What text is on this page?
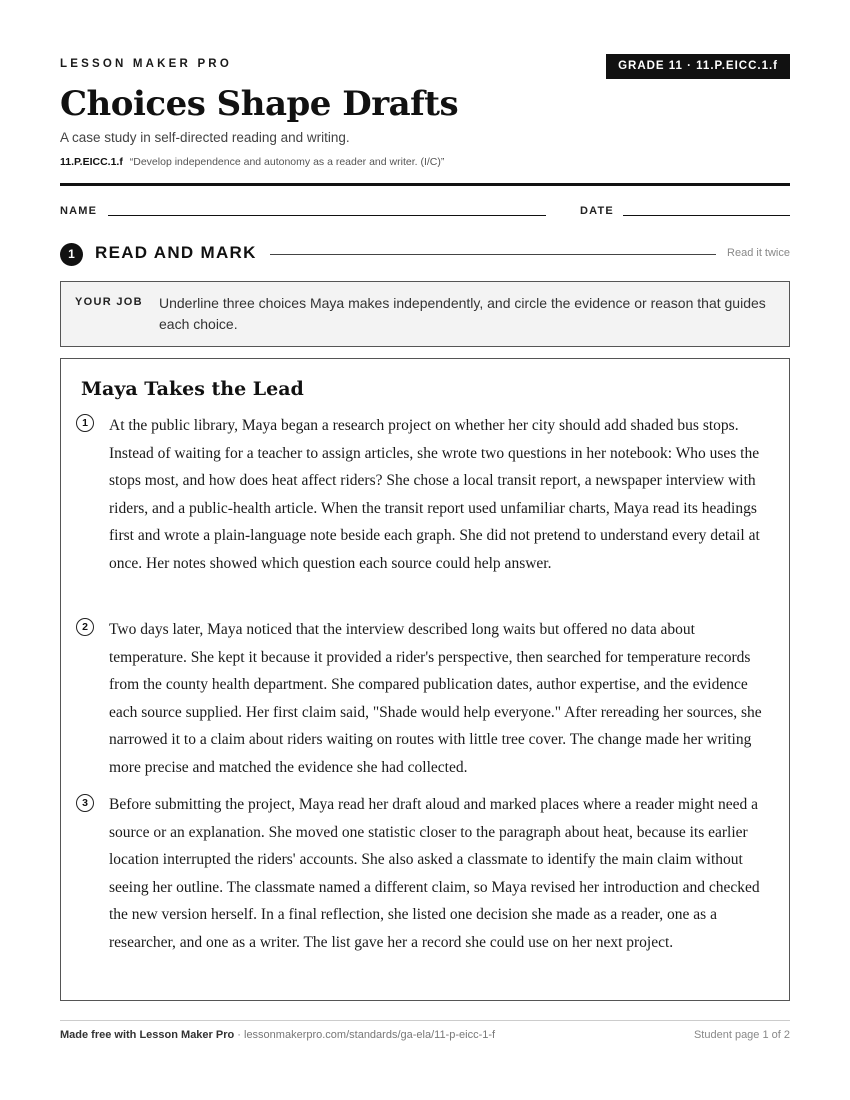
LESSON MAKER PRO	GRADE 11 · 11.P.EICC.1.f
Choices Shape Drafts
A case study in self-directed reading and writing.
11.P.EICC.1.f “Develop independence and autonomy as a reader and writer. (I/C)”
NAME	DATE
1	READ AND MARK	Read it twice
YOUR JOB Underline three choices Maya makes independently, and circle the evidence or reason that guides each choice.
Maya Takes the Lead
1	At the public library, Maya began a research project on whether her city should add shaded bus stops. Instead of waiting for a teacher to assign articles, she wrote two questions in her notebook: Who uses the stops most, and how does heat affect riders? She chose a local transit report, a newspaper interview with riders, and a public-health article. When the transit report used unfamiliar charts, Maya read its headings first and wrote a plain-language note beside each graph. She did not pretend to understand every detail at once. Her notes showed which question each source could help answer.
2	Two days later, Maya noticed that the interview described long waits but offered no data about temperature. She kept it because it provided a rider's perspective, then searched for temperature records from the county health department. She compared publication dates, author expertise, and the evidence each source supplied. Her first claim said, "Shade would help everyone." After rereading her sources, she narrowed it to a claim about riders waiting on routes with little tree cover. The change made her writing more precise and matched the evidence she had collected.
3	Before submitting the project, Maya read her draft aloud and marked places where a reader might need a source or an explanation. She moved one statistic closer to the paragraph about heat, because its earlier location interrupted the riders' accounts. She also asked a classmate to identify the main claim without seeing her outline. The classmate named a different claim, so Maya revised her introduction and checked the new version herself. In a final reflection, she listed one decision she made as a reader, one as a researcher, and one as a writer. The list gave her a record she could use on her next project.
Made free with Lesson Maker Pro · lessonmakerpro.com/standards/ga-ela/11-p-eicc-1-f	Student page 1 of 2
